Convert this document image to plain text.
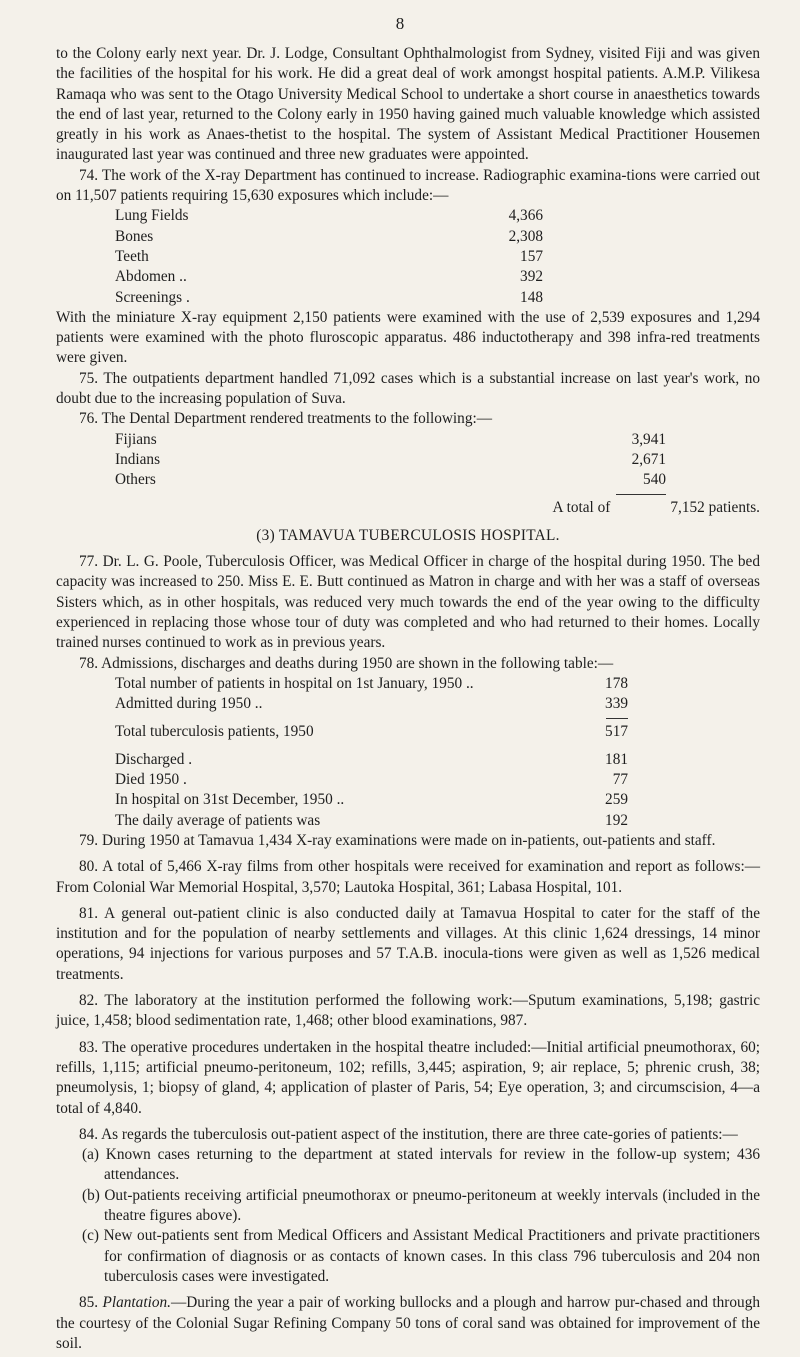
8

to the Colony early next year. Dr. J. Lodge, Consultant Ophthalmologist from Sydney, visited Fiji and was given the facilities of the hospital for his work. He did a great deal of work amongst hospital patients. A.M.P. Vilikesa Ramaqa who was sent to the Otago University Medical School to undertake a short course in anaesthetics towards the end of last year, returned to the Colony early in 1950 having gained much valuable knowledge which assisted greatly in his work as Anaes-thetist to the hospital. The system of Assistant Medical Practitioner Housemen inaugurated last year was continued and three new graduates were appointed.

74. The work of the X-ray Department has continued to increase. Radiographic examina-tions were carried out on 11,507 patients requiring 15,630 exposures which include:—

Lung Fields	4,366
Bones	2,308
Teeth	157
Abdomen ..	392
Screenings .	148

With the miniature X-ray equipment 2,150 patients were examined with the use of 2,539 exposures and 1,294 patients were examined with the photo fluroscopic apparatus. 486 inductotherapy and 398 infra-red treatments were given.

75. The outpatients department handled 71,092 cases which is a substantial increase on last year's work, no doubt due to the increasing population of Suva.

76. The Dental Department rendered treatments to the following:—

Fijians	3,941
Indians	2,671
Others	540
A total of	7,152 patients.
(3) TAMAVUA TUBERCULOSIS HOSPITAL.

77. Dr. L. G. Poole, Tuberculosis Officer, was Medical Officer in charge of the hospital during 1950. The bed capacity was increased to 250. Miss E. E. Butt continued as Matron in charge and with her was a staff of overseas Sisters which, as in other hospitals, was reduced very much towards the end of the year owing to the difficulty experienced in replacing those whose tour of duty was completed and who had returned to their homes. Locally trained nurses continued to work as in previous years.

78. Admissions, discharges and deaths during 1950 are shown in the following table:—

Total number of patients in hospital on 1st January, 1950 ..	178
Admitted during 1950 ..	339
Total tuberculosis patients, 1950	517
Discharged .	181
Died 1950 .	77
In hospital on 31st December, 1950 ..	259
The daily average of patients was	192

79. During 1950 at Tamavua 1,434 X-ray examinations were made on in-patients, out-patients and staff.

80. A total of 5,466 X-ray films from other hospitals were received for examination and report as follows:—From Colonial War Memorial Hospital, 3,570; Lautoka Hospital, 361; Labasa Hospital, 101.

81. A general out-patient clinic is also conducted daily at Tamavua Hospital to cater for the staff of the institution and for the population of nearby settlements and villages. At this clinic 1,624 dressings, 14 minor operations, 94 injections for various purposes and 57 T.A.B. inocula-tions were given as well as 1,526 medical treatments.

82. The laboratory at the institution performed the following work:—Sputum examinations, 5,198; gastric juice, 1,458; blood sedimentation rate, 1,468; other blood examinations, 987.

83. The operative procedures undertaken in the hospital theatre included:—Initial artificial pneumothorax, 60; refills, 1,115; artificial pneumo-peritoneum, 102; refills, 3,445; aspiration, 9; air replace, 5; phrenic crush, 38; pneumolysis, 1; biopsy of gland, 4; application of plaster of Paris, 54; Eye operation, 3; and circumscision, 4—a total of 4,840.

84. As regards the tuberculosis out-patient aspect of the institution, there are three cate-gories of patients:—

(a) Known cases returning to the department at stated intervals for review in the follow-up system; 436 attendances.

(b) Out-patients receiving artificial pneumothorax or pneumo-peritoneum at weekly intervals (included in the theatre figures above).

(c) New out-patients sent from Medical Officers and Assistant Medical Practitioners and private practitioners for confirmation of diagnosis or as contacts of known cases. In this class 796 tuberculosis and 204 non tuberculosis cases were investigated.

85. Plantation.—During the year a pair of working bullocks and a plough and harrow pur-chased and through the courtesy of the Colonial Sugar Refining Company 50 tons of coral sand was obtained for improvement of the soil.
